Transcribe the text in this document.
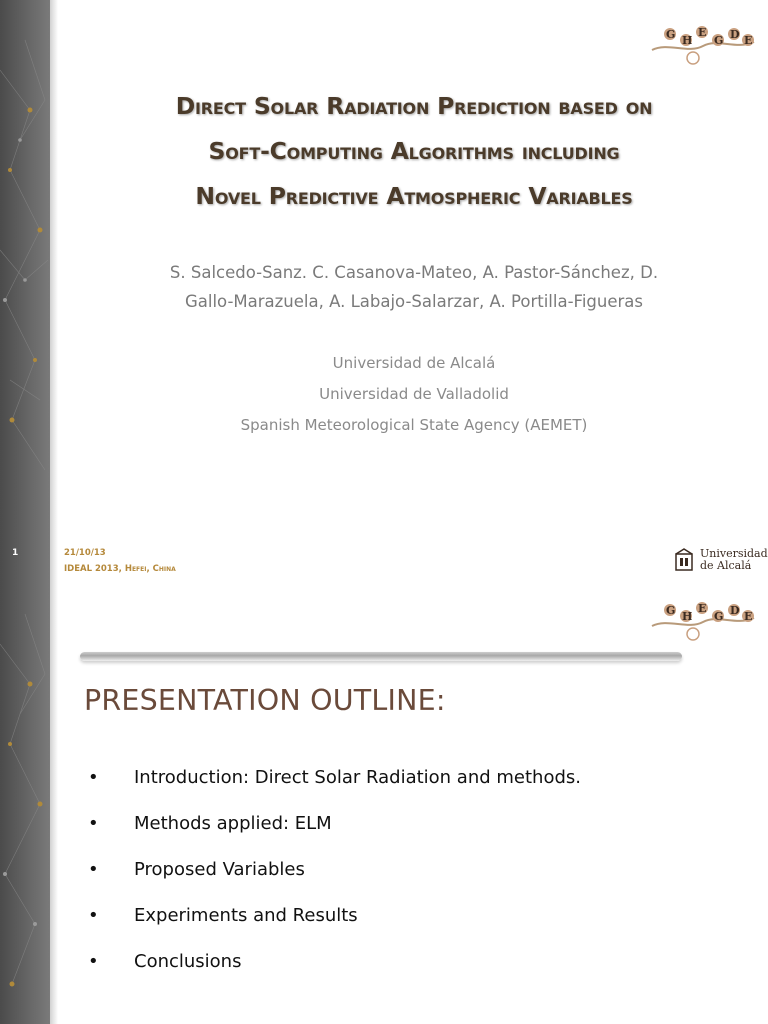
G H
E
G D E
Direct Solar Radiation Prediction based on
Soft-Computing Algorithms including
Novel Predictive Atmospheric Variables
S. Salcedo-Sanz. C. Casanova-Mateo, A. Pastor-Sánchez, D.
Gallo-Marazuela, A. Labajo-Salarzar, A. Portilla-Figueras
Universidad de Alcalá
Universidad de Valladolid
Spanish Meteorological State Agency (AEMET)
1	21/10/13
IDEAL 2013, Hefei, China
Universidad
de Alcalá
G H
E
G D E
PRESENTATION OUTLINE:
• Introduction: Direct Solar Radiation and methods.
• Methods applied: ELM
• Proposed Variables
• Experiments and Results
• Conclusions
